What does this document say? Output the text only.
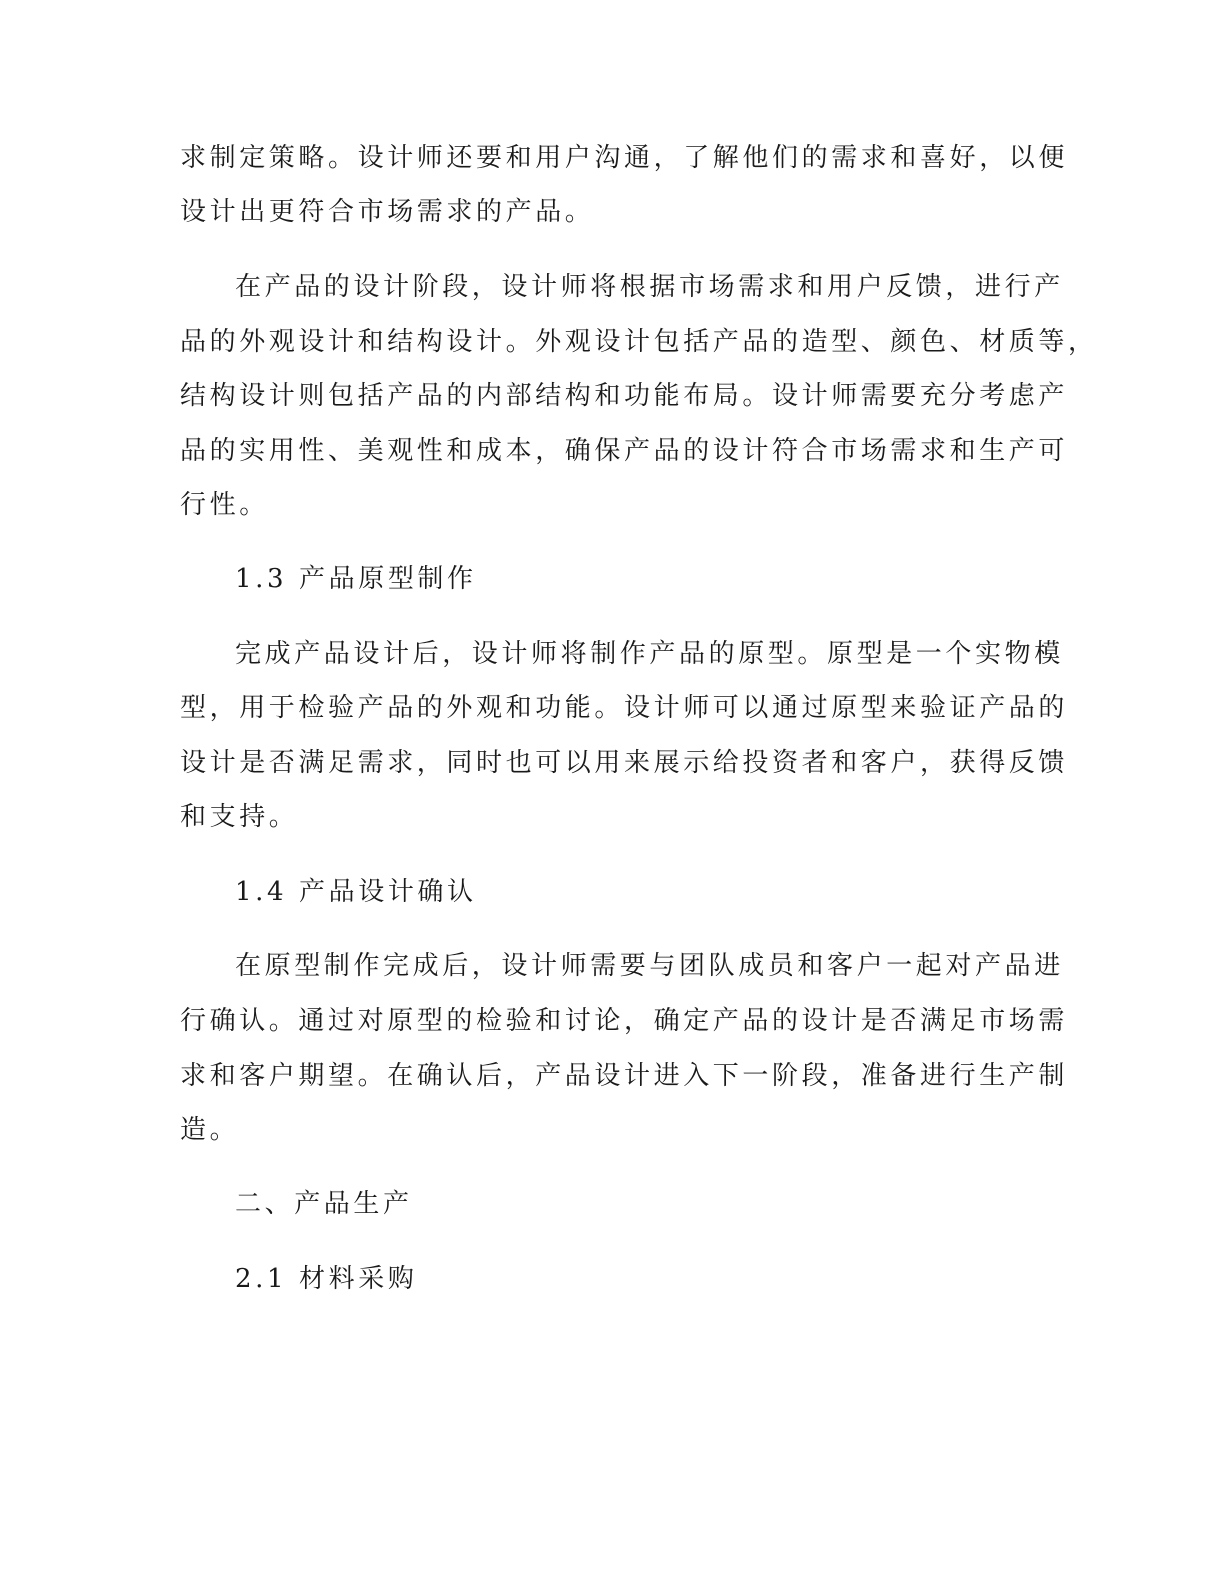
求制定策略。设计师还要和用户沟通，了解他们的需求和喜好，以便
设计出更符合市场需求的产品。
在产品的设计阶段，设计师将根据市场需求和用户反馈，进行产
品的外观设计和结构设计。外观设计包括产品的造型、颜色、材质等，
结构设计则包括产品的内部结构和功能布局。设计师需要充分考虑产
品的实用性、美观性和成本，确保产品的设计符合市场需求和生产可
行性。
1.3 产品原型制作
完成产品设计后，设计师将制作产品的原型。原型是一个实物模
型，用于检验产品的外观和功能。设计师可以通过原型来验证产品的
设计是否满足需求，同时也可以用来展示给投资者和客户，获得反馈
和支持。
1.4 产品设计确认
在原型制作完成后，设计师需要与团队成员和客户一起对产品进
行确认。通过对原型的检验和讨论，确定产品的设计是否满足市场需
求和客户期望。在确认后，产品设计进入下一阶段，准备进行生产制
造。
二、产品生产
2.1 材料采购
